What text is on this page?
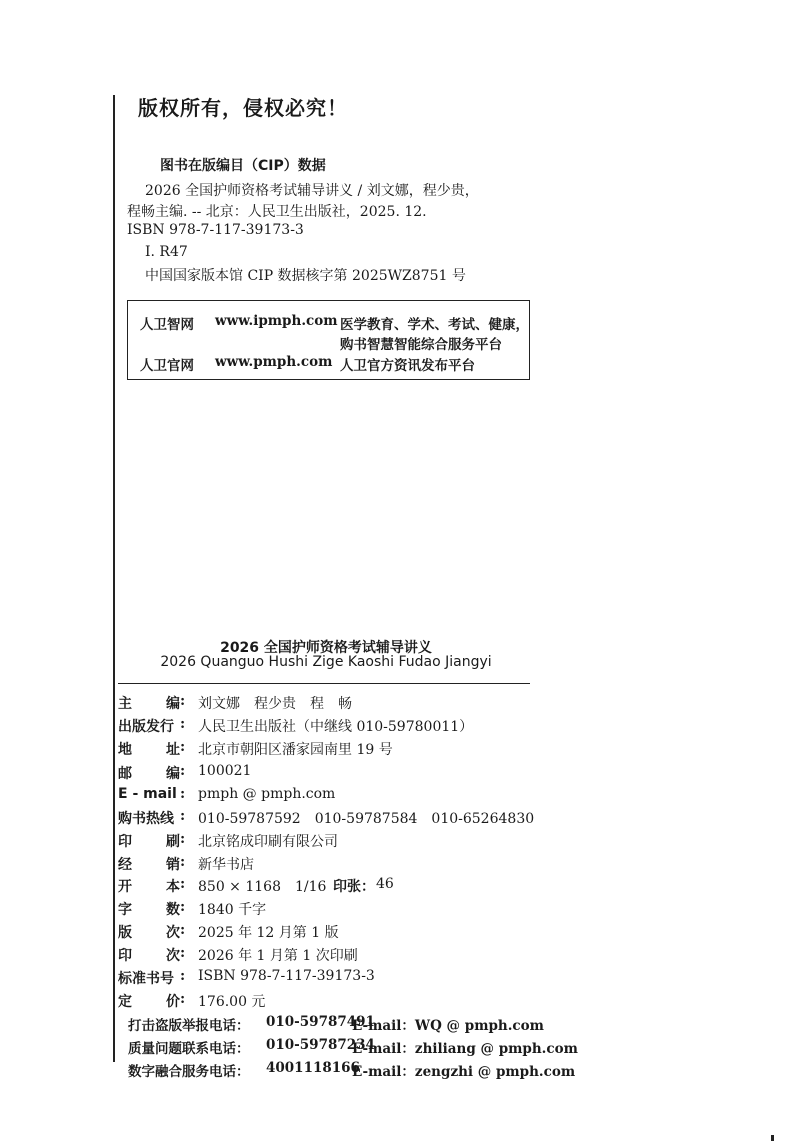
版权所有，侵权必究！
图书在版编目（CIP）数据
2026 全国护师资格考试辅导讲义 / 刘文娜，程少贵，
程畅主编. -- 北京：人民卫生出版社，2025. 12.
ISBN 978-7-117-39173-3
Ⅰ. R47
中国国家版本馆 CIP 数据核字第 2025WZ8751 号
人卫智网 www.ipmph.com 医学教育、学术、考试、健康，
购书智慧智能综合服务平台
人卫官网 www.pmph.com 人卫官方资讯发布平台
2026 全国护师资格考试辅导讲义
2026 Quanguo Hushi Zige Kaoshi Fudao Jiangyi
主 编 : 刘文娜　程少贵　程　畅
出版发行 : 人民卫生出版社（中继线 010-59780011）
地 址 : 北京市朝阳区潘家园南里 19 号
邮 编 : 100021
E - mail : pmph @ pmph.com
购书热线 : 010-59787592　010-59787584　010-65264830
印 刷 : 北京铭成印刷有限公司
经 销 : 新华书店
开 本 : 850 × 1168　1/16 印张： 46
字 数 : 1840 千字
版 次 : 2025 年 12 月第 1 版
印 次 : 2026 年 1 月第 1 次印刷
标准书号 : ISBN 978-7-117-39173-3
定 价 : 176.00 元
打击盗版举报电话： 010-59787491
E-mail：WQ @ pmph.com
质量问题联系电话： 010-59787234
E-mail：zhiliang @ pmph.com
数字融合服务电话： 4001118166
E-mail：zengzhi @ pmph.com
